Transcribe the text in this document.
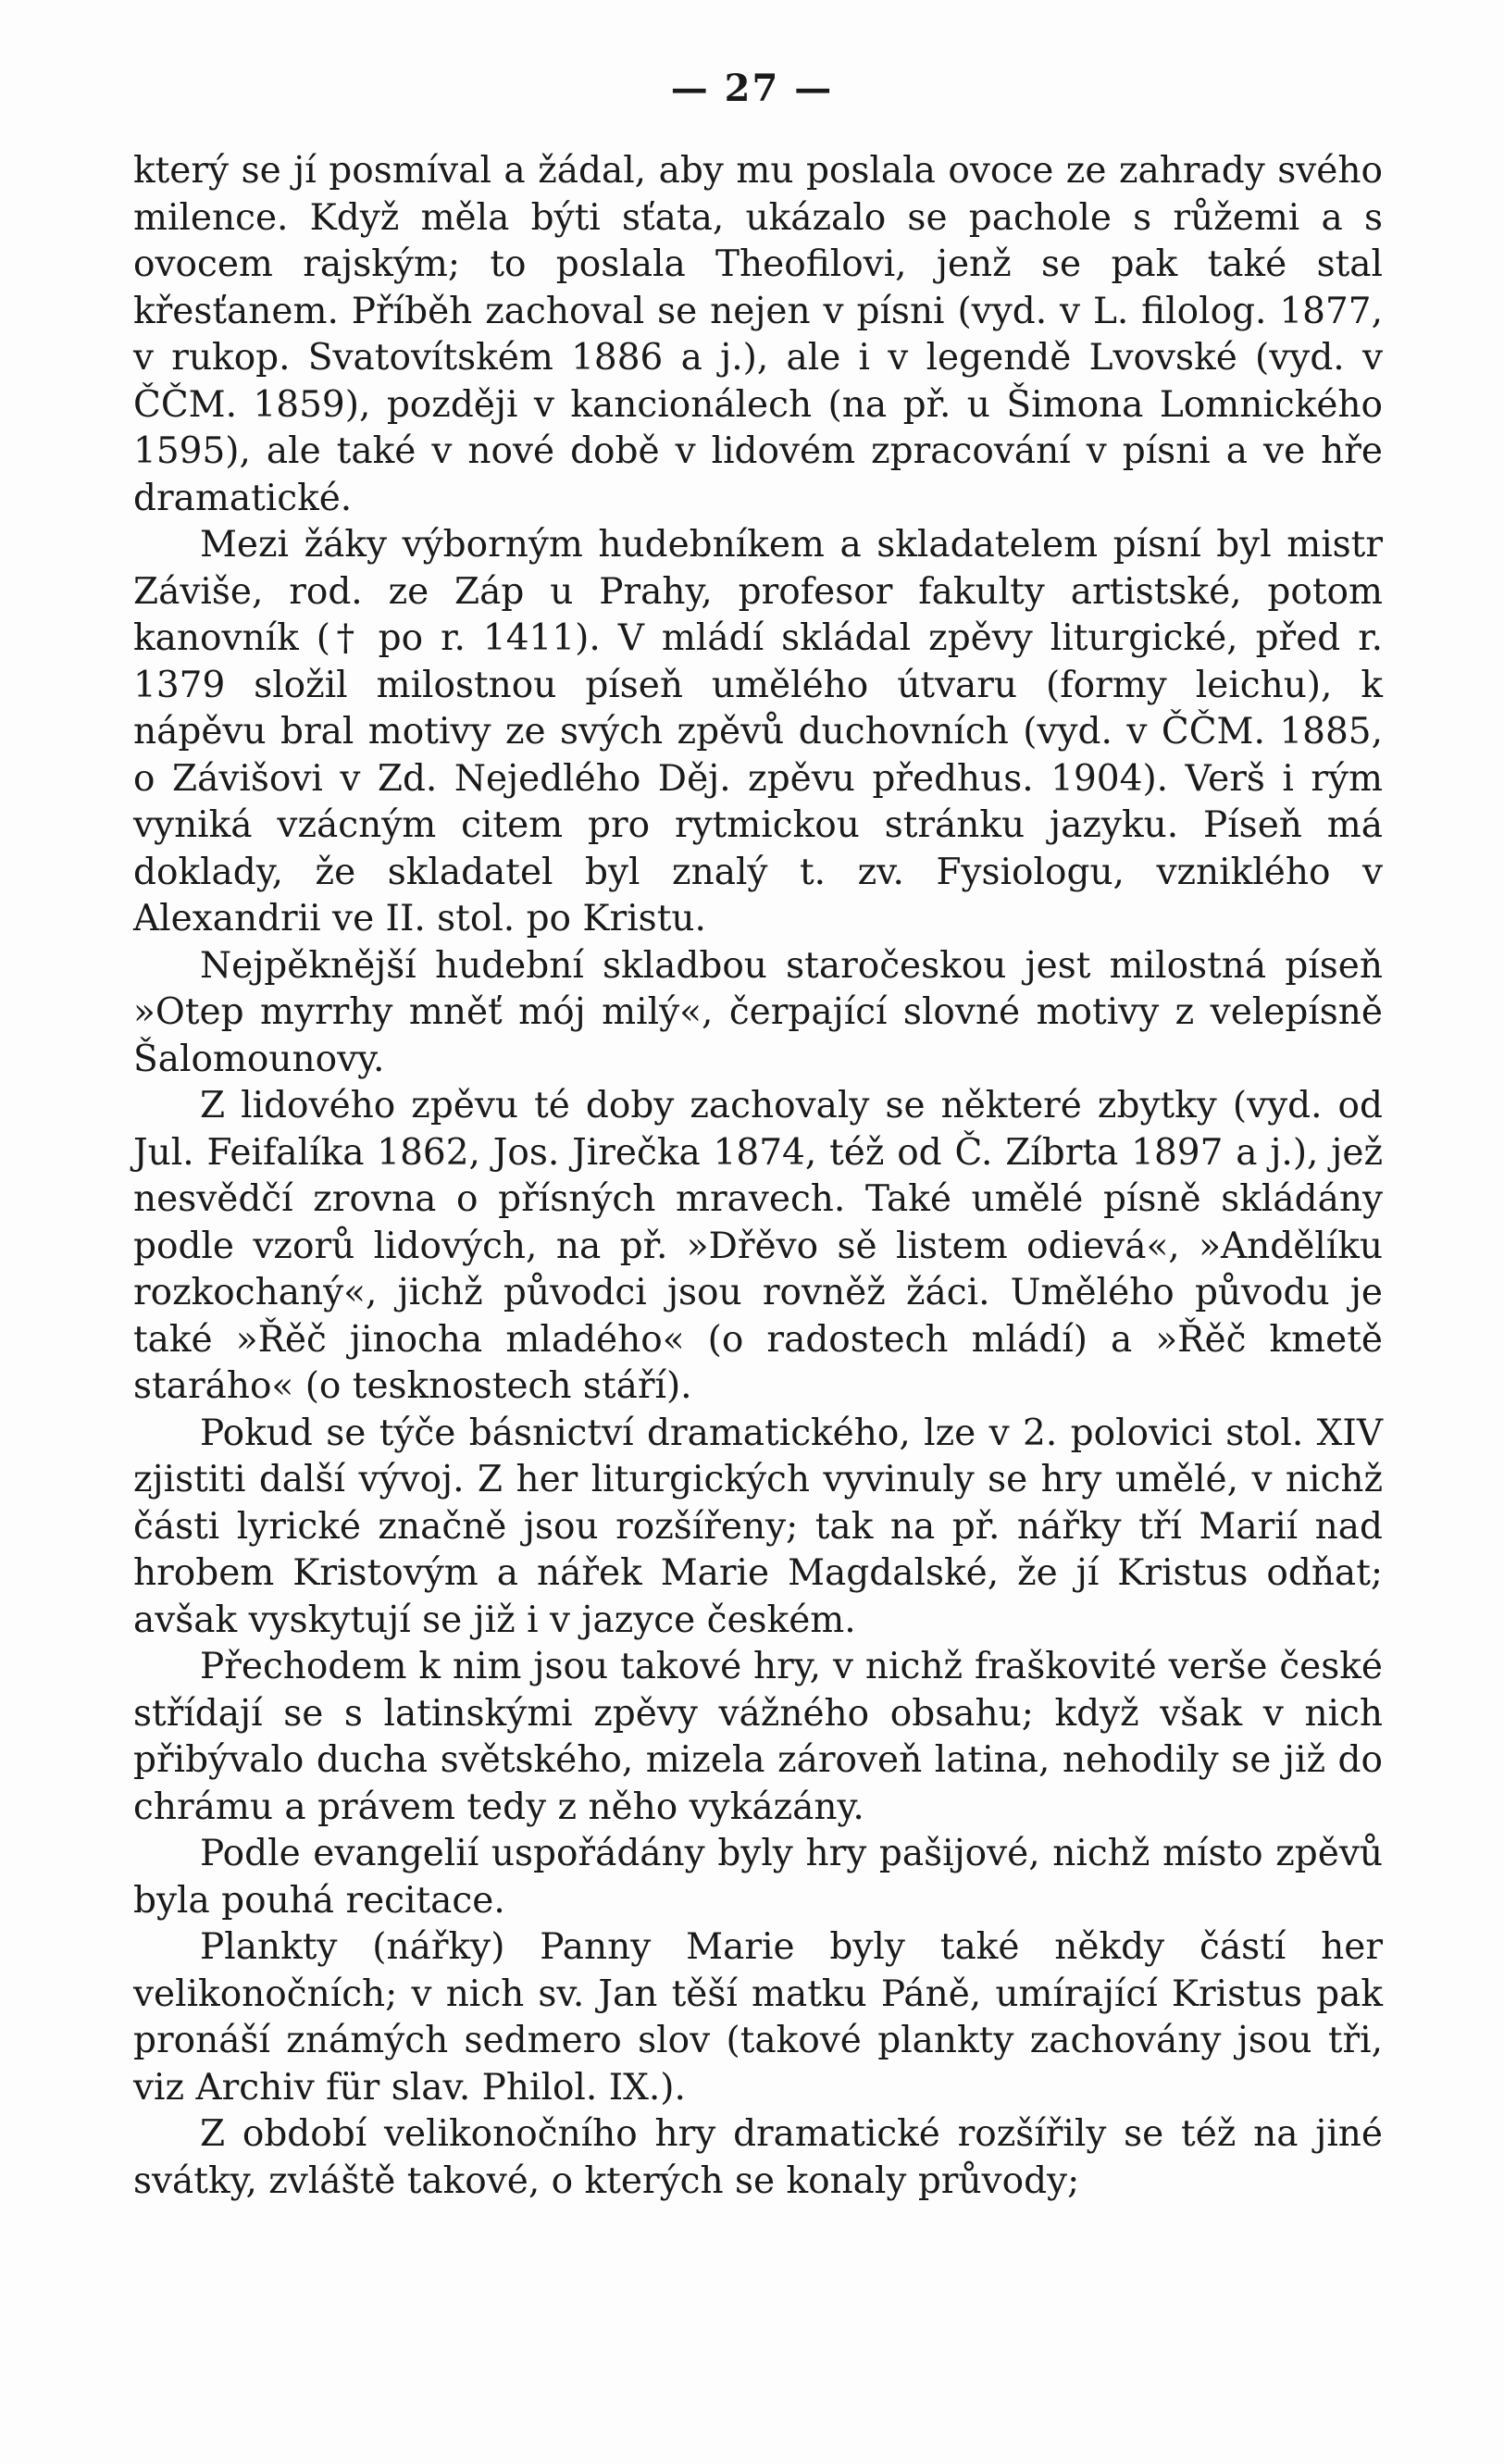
— 27 —

který se jí posmíval a žádal, aby mu poslala ovoce ze zahrady svého milence. Když měla býti sťata, ukázalo se pachole s růžemi a s ovocem rajským; to poslala Theofilovi, jenž se pak také stal křesťanem. Příběh zachoval se nejen v písni (vyd. v L. filolog. 1877, v rukop. Svatovítském 1886 a j.), ale i v legendě Lvovské (vyd. v ČČM. 1859), později v kancionálech (na př. u Šimona Lomnického 1595), ale také v nové době v lidovém zpracování v písni a ve hře dramatické.

Mezi žáky výborným hudebníkem a skladatelem písní byl mistr Záviše, rod. ze Záp u Prahy, profesor fakulty artistské, potom kanovník († po r. 1411). V mládí skládal zpěvy liturgické, před r. 1379 složil milostnou píseň umělého útvaru (formy leichu), k nápěvu bral motivy ze svých zpěvů duchovních (vyd. v ČČM. 1885, o Závišovi v Zd. Nejedlého Děj. zpěvu předhus. 1904). Verš i rým vyniká vzácným citem pro rytmickou stránku jazyku. Píseň má doklady, že skladatel byl znalý t. zv. Fysiologu, vzniklého v Alexandrii ve II. stol. po Kristu.

Nejpěknější hudební skladbou staročeskou jest milostná píseň »Otep myrrhy mněť mój milý«, čerpající slovné motivy z velepísně Šalomounovy.

Z lidového zpěvu té doby zachovaly se některé zbytky (vyd. od Jul. Feifalíka 1862, Jos. Jirečka 1874, též od Č. Zíbrta 1897 a j.), jež nesvědčí zrovna o přísných mravech. Také umělé písně skládány podle vzorů lidových, na př. »Dřěvo sě listem odievá«, »Andělíku rozkochaný«, jichž původci jsou rovněž žáci. Umělého původu je také »Řěč jinocha mladého« (o radostech mládí) a »Řěč kmetě staráho« (o tesknostech stáří).

Pokud se týče básnictví dramatického, lze v 2. polovici stol. XIV zjistiti další vývoj. Z her liturgických vyvinuly se hry umělé, v nichž části lyrické značně jsou rozšířeny; tak na př. nářky tří Marií nad hrobem Kristovým a nářek Marie Magdalské, že jí Kristus odňat; avšak vyskytují se již i v jazyce českém.

Přechodem k nim jsou takové hry, v nichž fraškovité verše české střídají se s latinskými zpěvy vážného obsahu; když však v nich přibývalo ducha světského, mizela zároveň latina, nehodily se již do chrámu a právem tedy z něho vykázány.

Podle evangelií uspořádány byly hry pašijové, nichž místo zpěvů byla pouhá recitace.

Plankty (nářky) Panny Marie byly také někdy částí her velikonočních; v nich sv. Jan těší matku Páně, umírající Kristus pak pronáší známých sedmero slov (takové plankty zachovány jsou tři, viz Archiv für slav. Philol. IX.).

Z období velikonočního hry dramatické rozšířily se též na jiné svátky, zvláště takové, o kterých se konaly průvody;
